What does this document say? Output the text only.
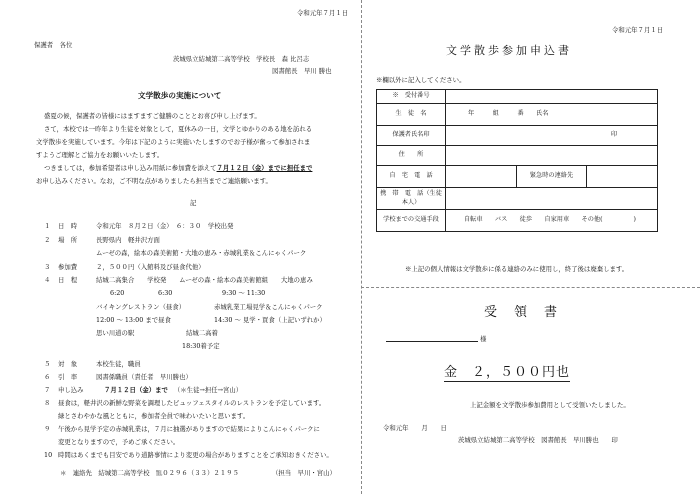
令和元年７月１日
保護者　各位
茨城県立結城第二高等学校　学校長　森 比呂志
図書館長　早川 勝也
文学散歩の実施について
盛夏の候，保護者の皆様にはますますご健勝のこととお喜び申し上げます。
さて，本校では一昨年より生徒を対象として，夏休みの一日，文学とゆかりのある地を訪れる
文学散歩を実施しています。今年は下記のように実施いたしますのでお子様が奮って参加されま
すようご理解とご協力をお願いいたします。
つきましては，参加希望者は申し込み用紙に参加費を添えて７月１２日（金）までに担任まで
お申し込みください。なお，ご不明な点がありましたら担当までご連絡願います。
記
１ 日　時	令和元年　８月２日（金）　６：３０　学校出発
２ 場　所	長野県内　軽井沢方面
ムーゼの森，絵本の森美術館・大地の恵み・赤城乳業＆こんにゃくパーク
３ 参加費	２，５００円（入館料及び昼食代他）
４ 日　程	結城二高集合　　学校発　　ムーゼの森・絵本の森美術館組　　大地の恵み
6:20	6:30	9:30 ～ 11:30
バイキングレストラン（昼食）	赤城乳業工場見学＆こんにゃくパーク
12:00 ～ 13:00 まで昼食	14:30 ～ 見学・買食（上記いずれか）
思い川道の駅	結城二高着
18:30着予定
５ 対　象	本校生徒，職員
６ 引　率	図書係職員（責任者　早川勝也）
７ 申し込み	７月１２日（金）まで （＊生徒→担任→宮山）
８ 昼食は，軽井沢の新鮮な野菜を調理したビュッフェスタイルのレストランを予定しています。
緑とさわやかな風とともに，参加者全員で味わいたいと思います。
９ 午後から見学予定の赤城乳業は，７月に抽選がありますので結果によりこんにゃくパークに
変更となりますので，予めご承ください。
10 時間はあくまでも目安であり道路事情により変更の場合がありますことをご承知おきください。
＊　連絡先　結城第二高等学校　℡０２９６（３３）２１９５	（担当　早川・宮山）
令和元年７月１日
文学散歩参加申込書
※欄以外に記入してください。
※　受付番号			
生　徒　名	年　　　組　　　番　　氏名		
保護者氏名印	印		
住　　所			
自　宅　電　話		緊急時の連絡先	
携　帯　電　話（生徒本人）			
学校までの交通手段	自転車　　バス　　徒歩　　自家用車　　その他(　　　　　)		
※上記の個人情報は文学散歩に係る連絡のみに使用し，終了後は廃棄します。
受　領　書
様
金　２，５００円也
上記金額を文学散歩参加費用として受領いたしました。
令和元年　　月　　日
茨城県立結城第二高等学校　図書館長　早川勝也　　印
